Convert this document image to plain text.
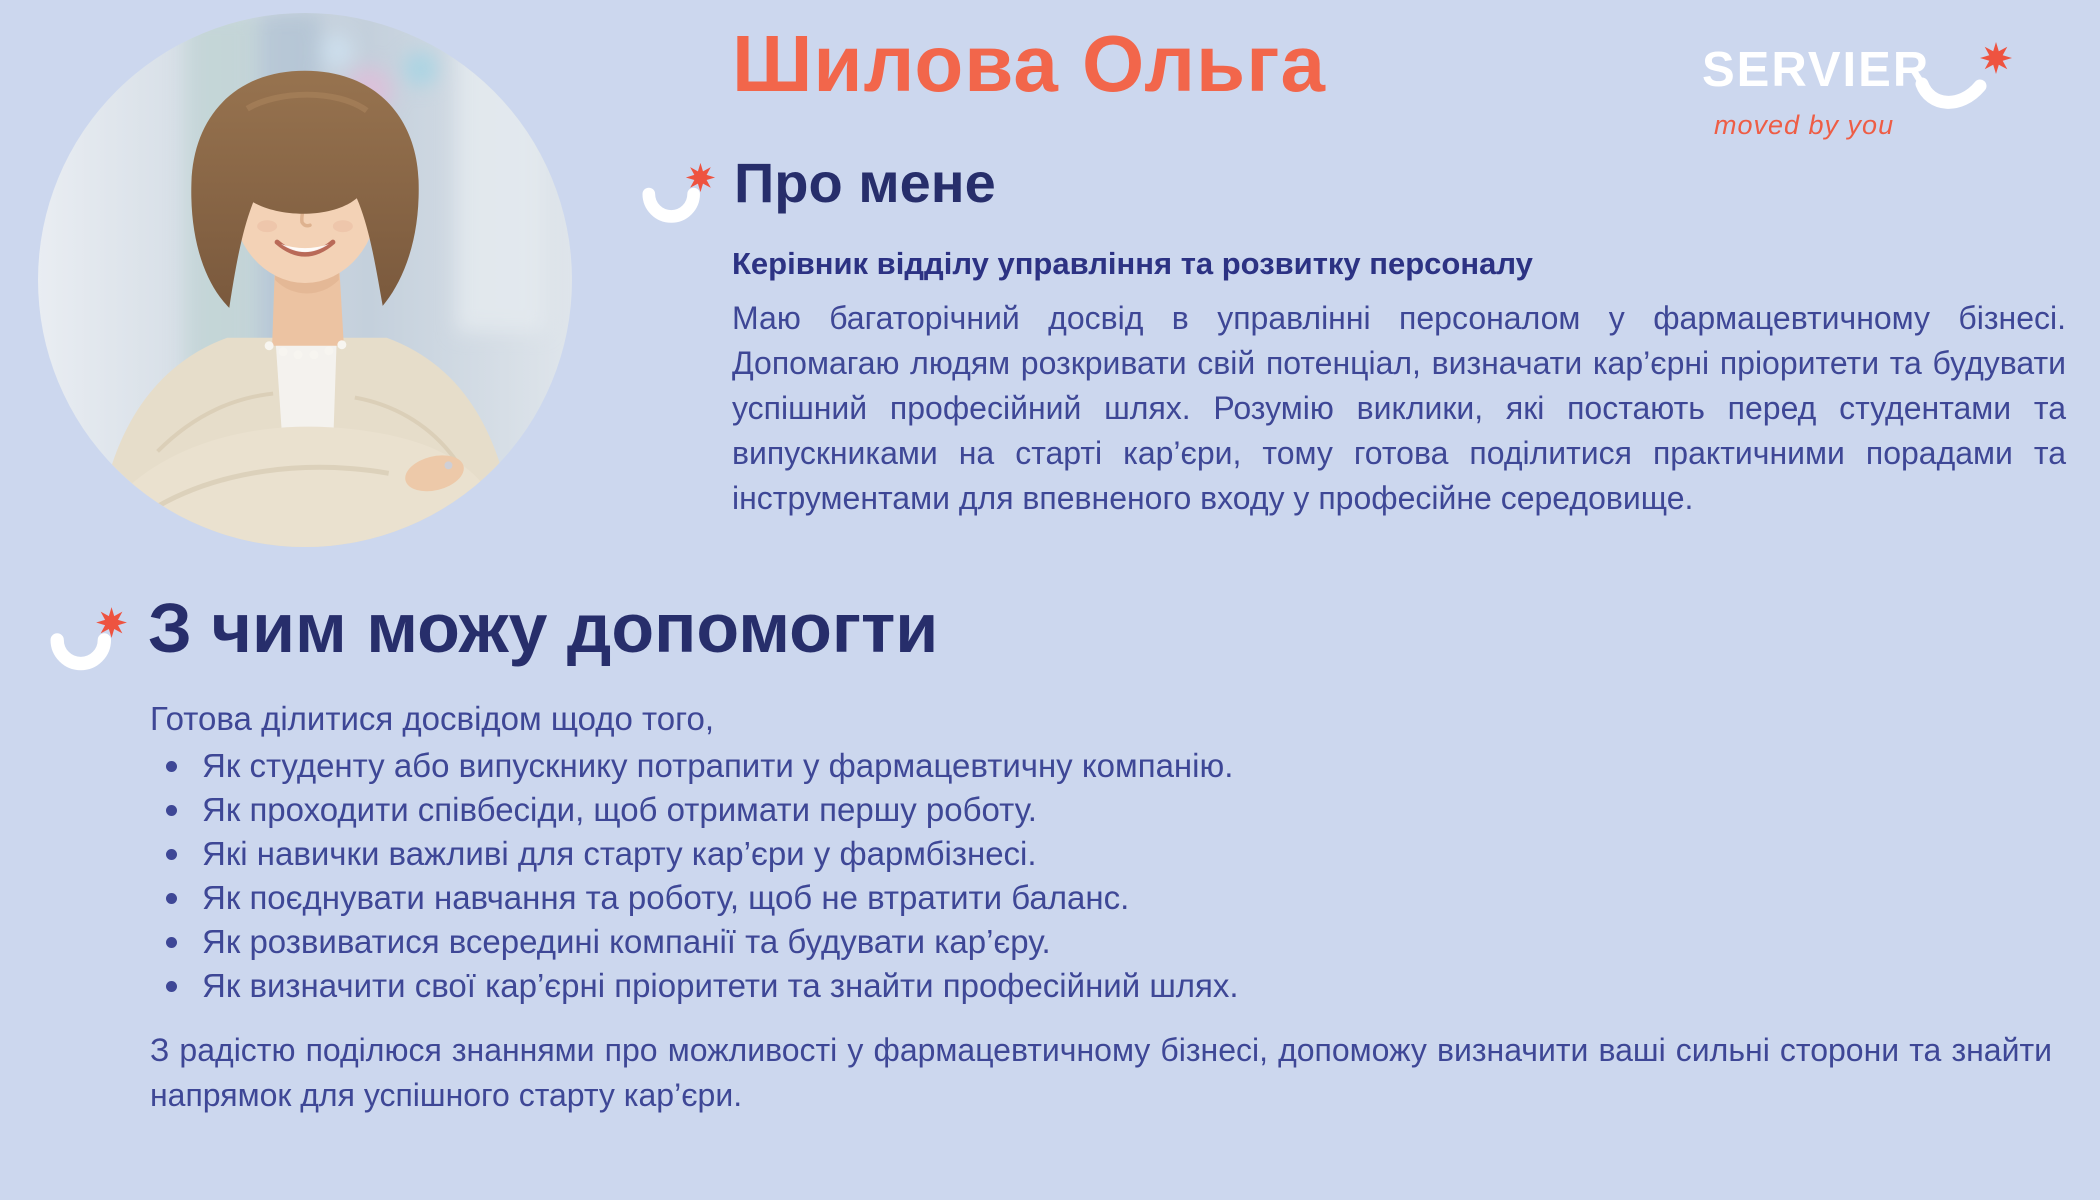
Шилова Ольга	SERVIER
moved by you
Про мене

Керівник відділу управління та розвитку персоналу

Маю багаторічний досвід в управлінні персоналом у фармацевтичному бізнесі. Допомагаю людям розкривати свій потенціал, визначати кар’єрні пріоритети та будувати успішний професійний шлях. Розумію виклики, які постають перед студентами та випускниками на старті кар’єри, тому готова поділитися практичними порадами та інструментами для впевненого входу у професійне середовище.

З чим можу допомогти

Готова ділитися досвідом щодо того,

Як студенту або випускнику потрапити у фармацевтичну компанію.
Як проходити співбесіди, щоб отримати першу роботу.
Які навички важливі для старту кар’єри у фармбізнесі.
Як поєднувати навчання та роботу, щоб не втратити баланс.
Як розвиватися всередині компанії та будувати кар’єру.
Як визначити свої кар’єрні пріоритети та знайти професійний шлях.

З радістю поділюся знаннями про можливості у фармацевтичному бізнесі, допоможу визначити ваші сильні сторони та знайти напрямок для успішного старту кар’єри.
